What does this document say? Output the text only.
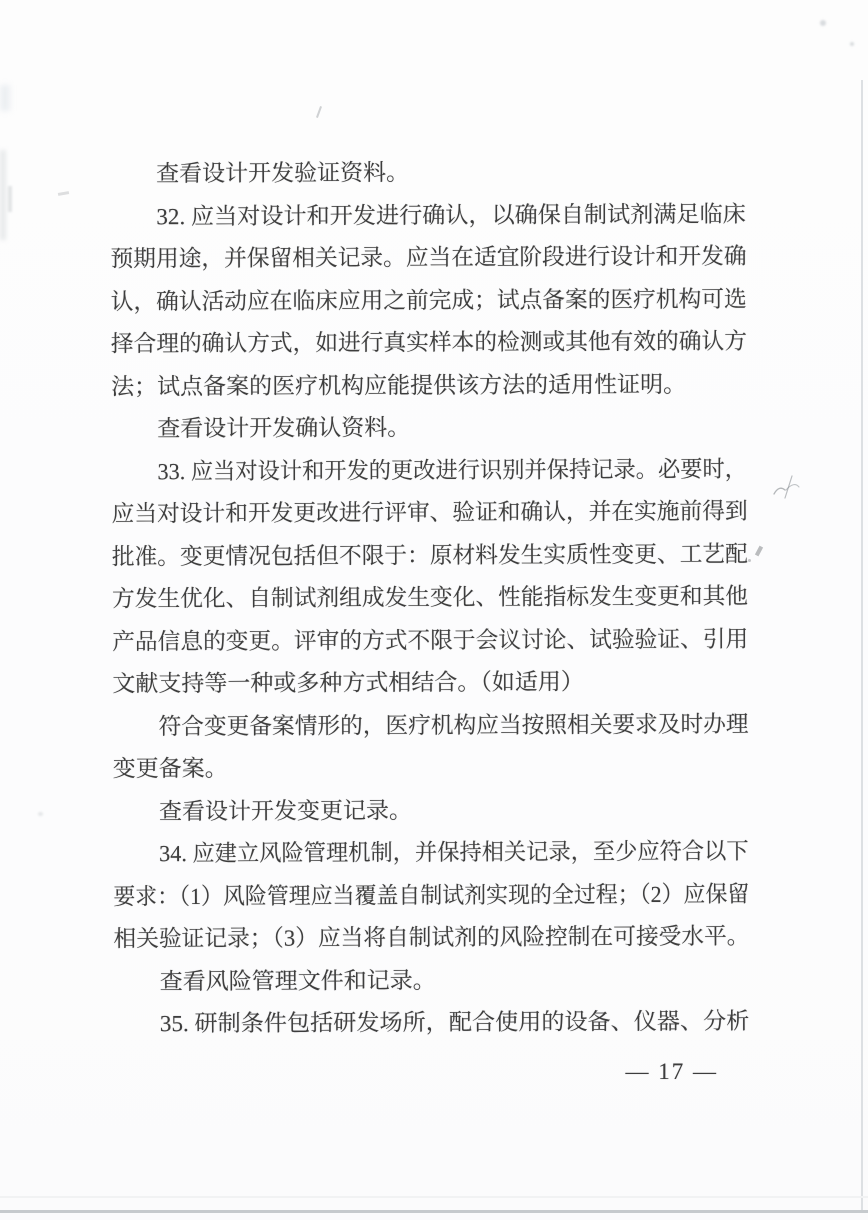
查看设计开发验证资料。
32. 应当对设计和开发进行确认，以确保自制试剂满足临床
预期用途，并保留相关记录。应当在适宜阶段进行设计和开发确
认，确认活动应在临床应用之前完成；试点备案的医疗机构可选
择合理的确认方式，如进行真实样本的检测或其他有效的确认方
法；试点备案的医疗机构应能提供该方法的适用性证明。
查看设计开发确认资料。
33. 应当对设计和开发的更改进行识别并保持记录。必要时，
应当对设计和开发更改进行评审、验证和确认，并在实施前得到
批准。变更情况包括但不限于：原材料发生实质性变更、工艺配
方发生优化、自制试剂组成发生变化、性能指标发生变更和其他
产品信息的变更。评审的方式不限于会议讨论、试验验证、引用
文献支持等一种或多种方式相结合。（如适用）
符合变更备案情形的，医疗机构应当按照相关要求及时办理
变更备案。
查看设计开发变更记录。
34. 应建立风险管理机制，并保持相关记录，至少应符合以下
要求：（1）风险管理应当覆盖自制试剂实现的全过程；（2）应保留
相关验证记录；（3）应当将自制试剂的风险控制在可接受水平。
查看风险管理文件和记录。
35. 研制条件包括研发场所，配合使用的设备、仪器、分析
— 17 —
